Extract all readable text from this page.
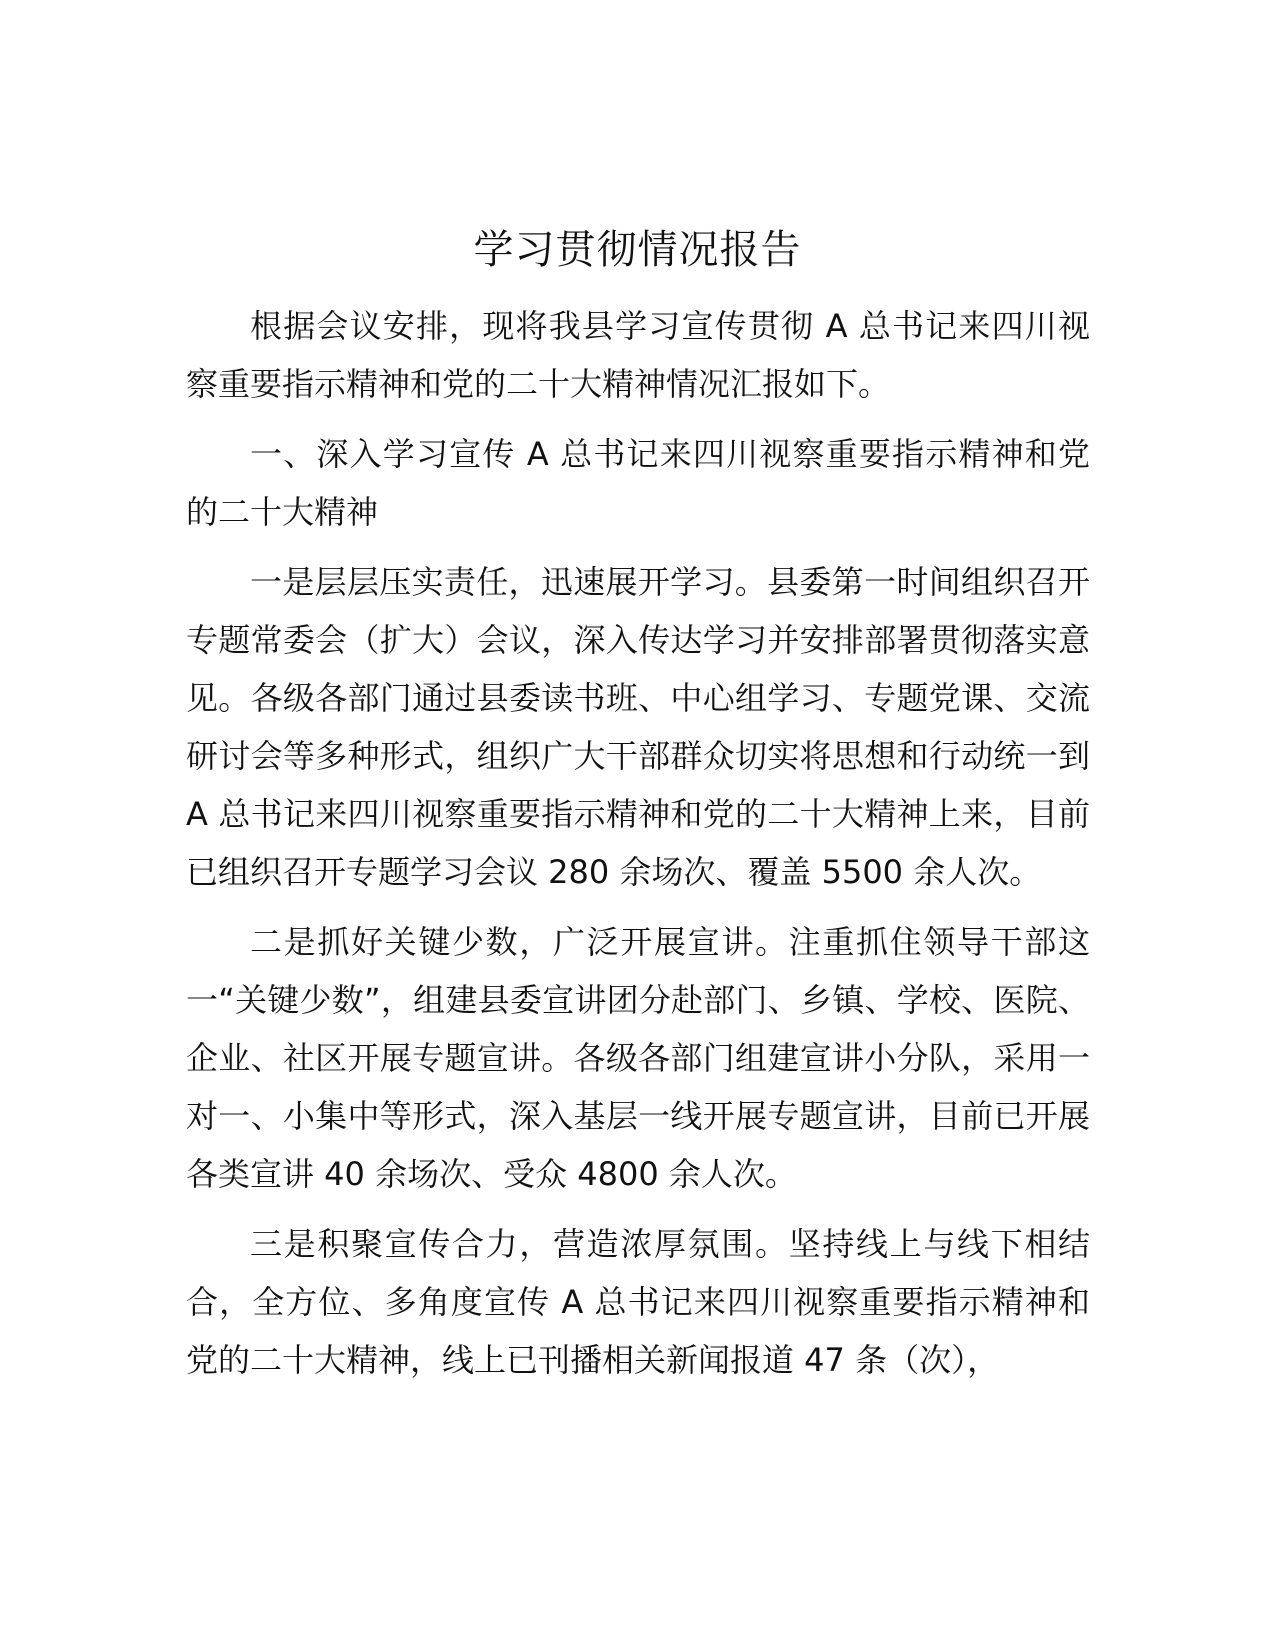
学习贯彻情况报告

根据会议安排，现将我县学习宣传贯彻 A 总书记来四川视察重要指示精神和党的二十大精神情况汇报如下。

一、深入学习宣传 A 总书记来四川视察重要指示精神和党的二十大精神

一是层层压实责任，迅速展开学习。县委第一时间组织召开专题常委会（扩大）会议，深入传达学习并安排部署贯彻落实意见。各级各部门通过县委读书班、中心组学习、专题党课、交流研讨会等多种形式，组织广大干部群众切实将思想和行动统一到 A 总书记来四川视察重要指示精神和党的二十大精神上来，目前已组织召开专题学习会议 280 余场次、覆盖 5500 余人次。

二是抓好关键少数，广泛开展宣讲。注重抓住领导干部这一“关键少数”，组建县委宣讲团分赴部门、乡镇、学校、医院、企业、社区开展专题宣讲。各级各部门组建宣讲小分队，采用一对一、小集中等形式，深入基层一线开展专题宣讲，目前已开展各类宣讲 40 余场次、受众 4800 余人次。

三是积聚宣传合力，营造浓厚氛围。坚持线上与线下相结合，全方位、多角度宣传 A 总书记来四川视察重要指示精神和党的二十大精神，线上已刊播相关新闻报道 47 条（次），
